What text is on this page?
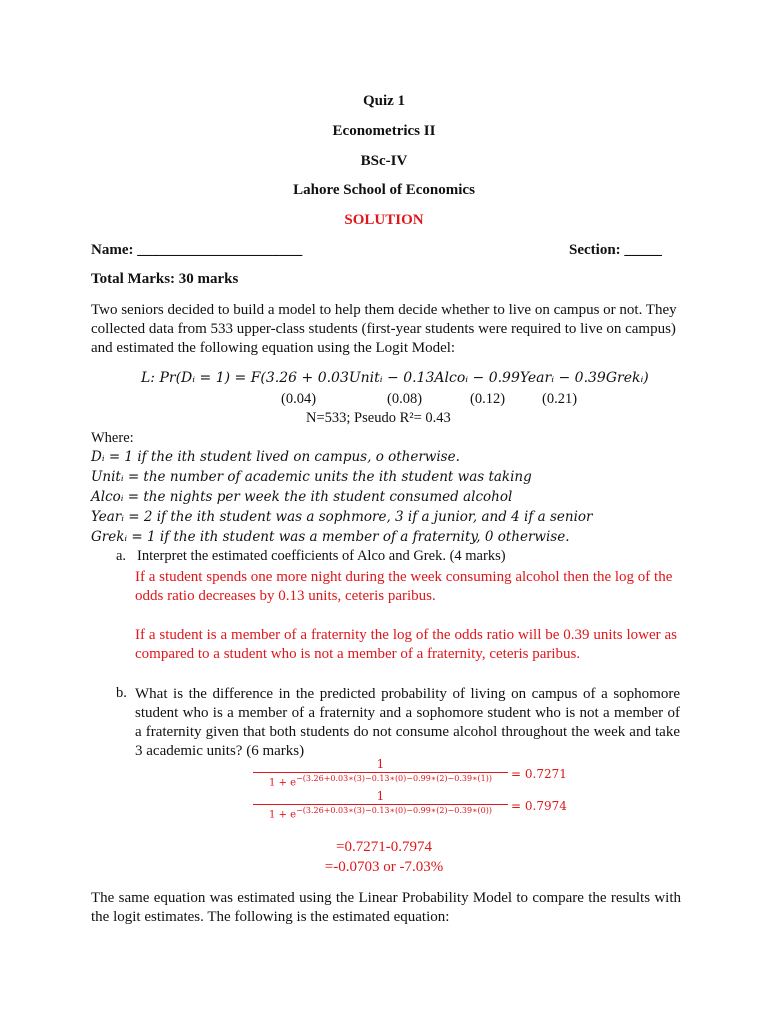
Quiz 1
Econometrics II
BSc-IV
Lahore School of Economics
SOLUTION
Name: ______________________	Section: _____
Total Marks: 30 marks
Two seniors decided to build a model to help them decide whether to live on campus or not. They collected data from 533 upper-class students (first-year students were required to live on campus) and estimated the following equation using the Logit Model:
L: Pr(Dᵢ = 1) = F(3.26 + 0.03Unitᵢ − 0.13Alcoᵢ − 0.99Yearᵢ − 0.39Grekᵢ)
(0.04)	(0.08)	(0.12)	(0.21)
N=533; Pseudo R²= 0.43
Where:
Dᵢ = 1 if the ith student lived on campus, o otherwise.
Unitᵢ = the number of academic units the ith student was taking
Alcoᵢ = the nights per week the ith student consumed alcohol
Yearᵢ = 2 if the ith student was a sophmore, 3 if a junior, and 4 if a senior
Grekᵢ = 1 if the ith student was a member of a fraternity, 0 otherwise.
a. Interpret the estimated coefficients of Alco and Grek. (4 marks)
If a student spends one more night during the week consuming alcohol then the log of the odds ratio decreases by 0.13 units, ceteris paribus.
If a student is a member of a fraternity the log of the odds ratio will be 0.39 units lower as compared to a student who is not a member of a fraternity, ceteris paribus.
b. What is the difference in the predicted probability of living on campus of a sophomore student who is a member of a fraternity and a sophomore student who is not a member of a fraternity given that both students do not consume alcohol throughout the week and take 3 academic units? (6 marks)
1
$1 + e^{-(3.26+0.03∗(3)-0.13∗(0)-0.99∗(2)-0.39∗(1))}$	= 0.7271
1
$1 + e^{-(3.26+0.03∗(3)-0.13∗(0)-0.99∗(2)-0.39∗(0))}$	= 0.7974
=0.7271-0.7974
=-0.0703 or -7.03%
The same equation was estimated using the Linear Probability Model to compare the results with the logit estimates. The following is the estimated equation:
